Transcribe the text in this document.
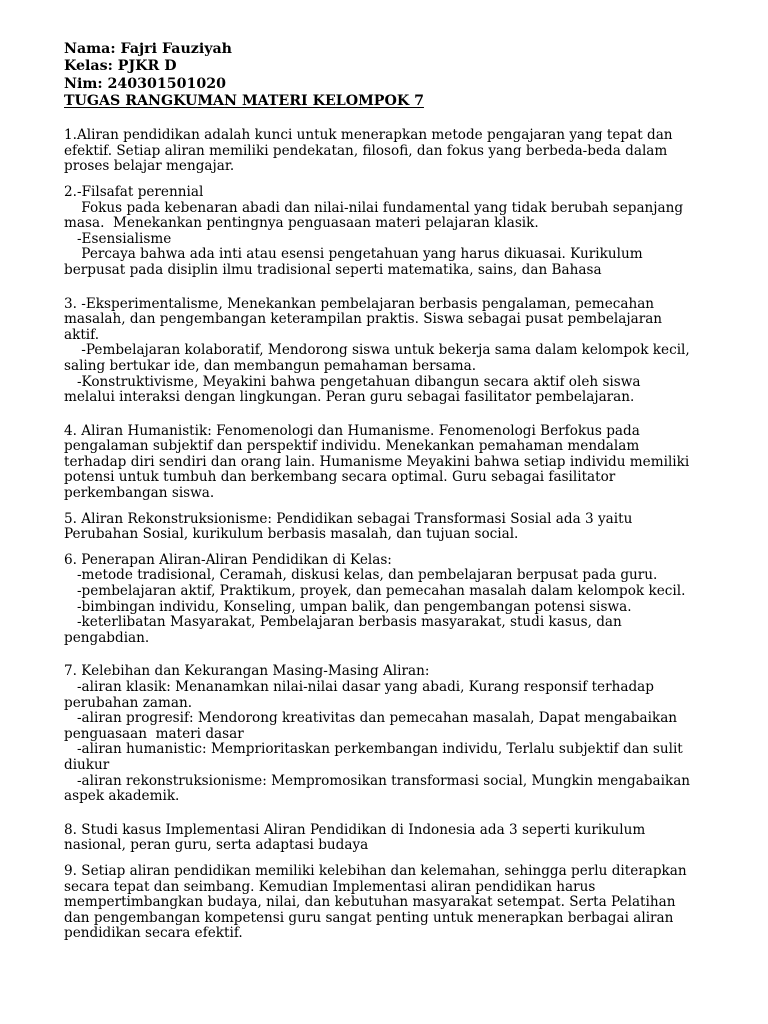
Nama: Fajri Fauziyah
Kelas: PJKR D
Nim: 240301501020
TUGAS RANGKUMAN MATERI KELOMPOK 7
1.Aliran pendidikan adalah kunci untuk menerapkan metode pengajaran yang tepat dan
efektif. Setiap aliran memiliki pendekatan, filosofi, dan fokus yang berbeda-beda dalam
proses belajar mengajar.
2.-Filsafat perennial
Fokus pada kebenaran abadi dan nilai-nilai fundamental yang tidak berubah sepanjang
masa.  Menekankan pentingnya penguasaan materi pelajaran klasik.
-Esensialisme
Percaya bahwa ada inti atau esensi pengetahuan yang harus dikuasai. Kurikulum
berpusat pada disiplin ilmu tradisional seperti matematika, sains, dan Bahasa
3. -Eksperimentalisme, Menekankan pembelajaran berbasis pengalaman, pemecahan
masalah, dan pengembangan keterampilan praktis. Siswa sebagai pusat pembelajaran
aktif.
-Pembelajaran kolaboratif, Mendorong siswa untuk bekerja sama dalam kelompok kecil,
saling bertukar ide, dan membangun pemahaman bersama.
-Konstruktivisme, Meyakini bahwa pengetahuan dibangun secara aktif oleh siswa
melalui interaksi dengan lingkungan. Peran guru sebagai fasilitator pembelajaran.
4. Aliran Humanistik: Fenomenologi dan Humanisme. Fenomenologi Berfokus pada
pengalaman subjektif dan perspektif individu. Menekankan pemahaman mendalam
terhadap diri sendiri dan orang lain. Humanisme Meyakini bahwa setiap individu memiliki
potensi untuk tumbuh dan berkembang secara optimal. Guru sebagai fasilitator
perkembangan siswa.
5. Aliran Rekonstruksionisme: Pendidikan sebagai Transformasi Sosial ada 3 yaitu
Perubahan Sosial, kurikulum berbasis masalah, dan tujuan social.
6. Penerapan Aliran-Aliran Pendidikan di Kelas:
-metode tradisional, Ceramah, diskusi kelas, dan pembelajaran berpusat pada guru.
-pembelajaran aktif, Praktikum, proyek, dan pemecahan masalah dalam kelompok kecil.
-bimbingan individu, Konseling, umpan balik, dan pengembangan potensi siswa.
-keterlibatan Masyarakat, Pembelajaran berbasis masyarakat, studi kasus, dan
pengabdian.
7. Kelebihan dan Kekurangan Masing-Masing Aliran:
-aliran klasik: Menanamkan nilai-nilai dasar yang abadi, Kurang responsif terhadap
perubahan zaman.
-aliran progresif: Mendorong kreativitas dan pemecahan masalah, Dapat mengabaikan
penguasaan  materi dasar
-aliran humanistic: Memprioritaskan perkembangan individu, Terlalu subjektif dan sulit
diukur
-aliran rekonstruksionisme: Mempromosikan transformasi social, Mungkin mengabaikan
aspek akademik.
8. Studi kasus Implementasi Aliran Pendidikan di Indonesia ada 3 seperti kurikulum
nasional, peran guru, serta adaptasi budaya
9. Setiap aliran pendidikan memiliki kelebihan dan kelemahan, sehingga perlu diterapkan
secara tepat dan seimbang. Kemudian Implementasi aliran pendidikan harus
mempertimbangkan budaya, nilai, dan kebutuhan masyarakat setempat. Serta Pelatihan
dan pengembangan kompetensi guru sangat penting untuk menerapkan berbagai aliran
pendidikan secara efektif.
